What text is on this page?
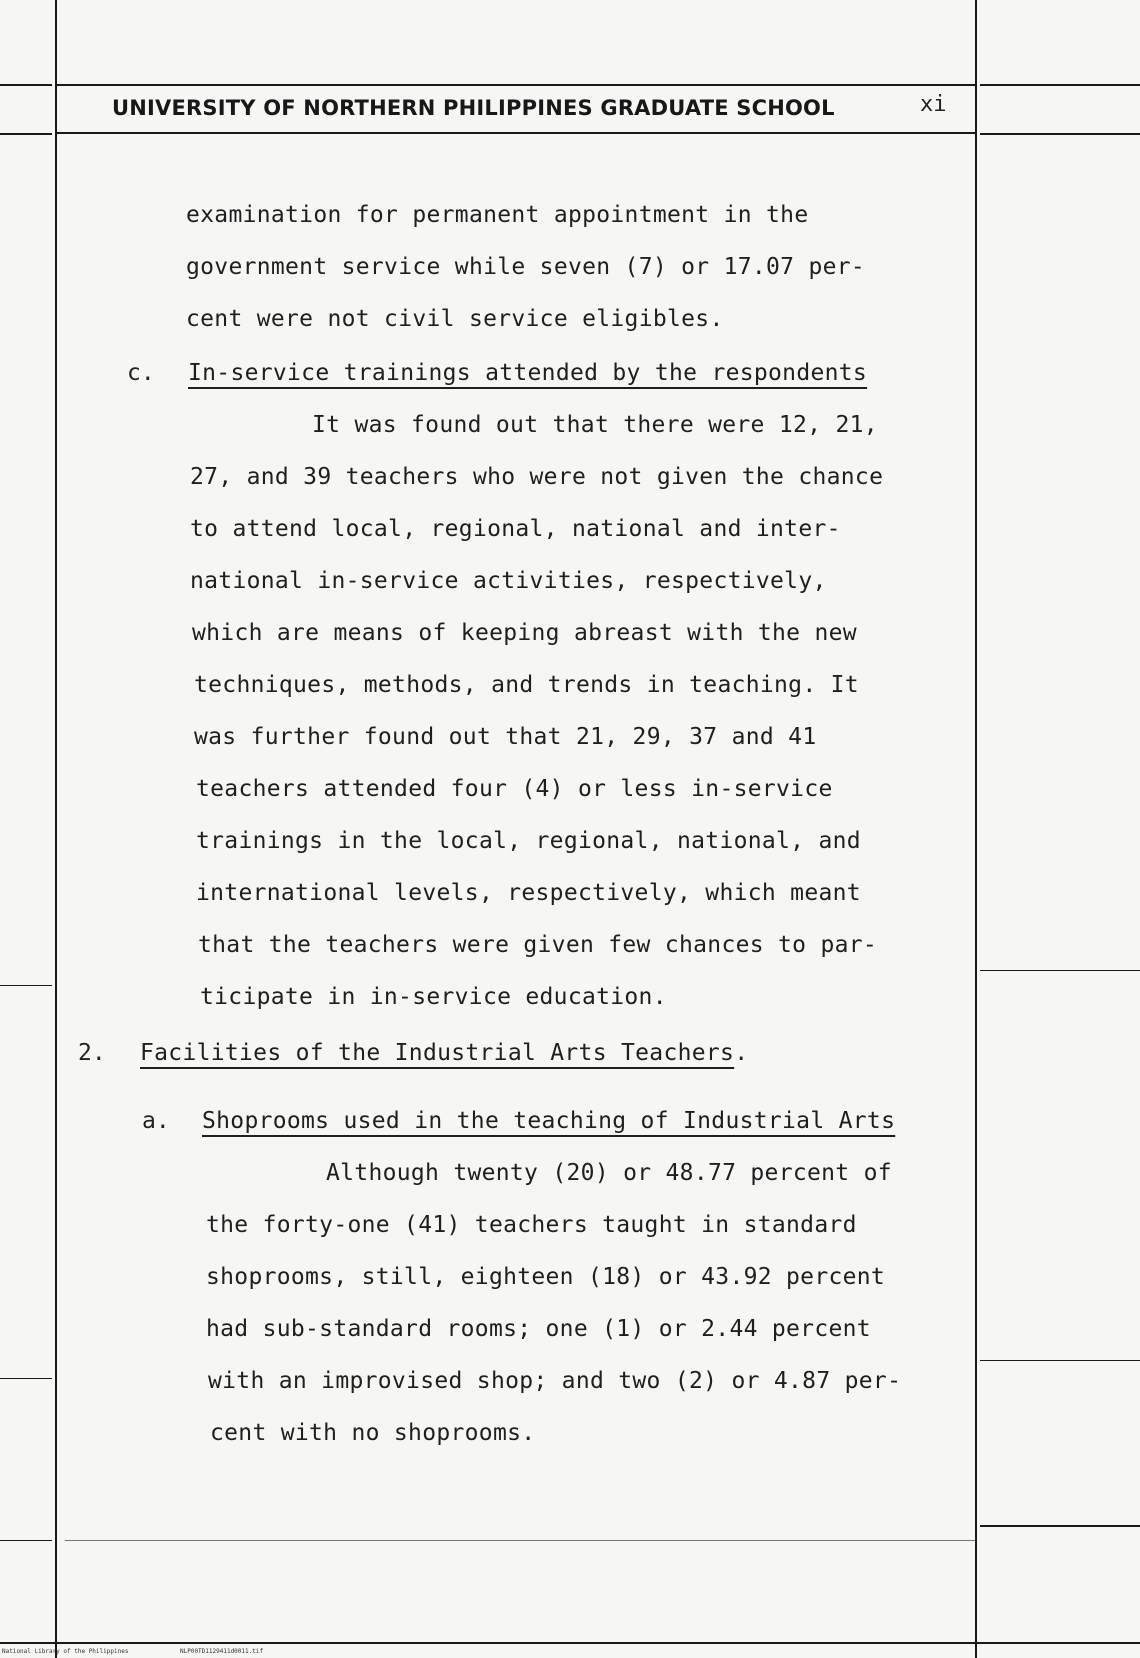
UNIVERSITY OF NORTHERN PHILIPPINES GRADUATE SCHOOL	xi
examination for permanent appointment in the
government service while seven (7) or 17.07 per-
cent were not civil service eligibles.
c. In-service trainings attended by the respondents
It was found out that there were 12, 21,
27, and 39 teachers who were not given the chance
to attend local, regional, national and inter-
national in-service activities, respectively,
which are means of keeping abreast with the new
techniques, methods, and trends in teaching. It
was further found out that 21, 29, 37 and 41
teachers attended four (4) or less in-service
trainings in the local, regional, national, and
international levels, respectively, which meant
that the teachers were given few chances to par-
ticipate in in-service education.
2. Facilities of the Industrial Arts Teachers.
a. Shoprooms used in the teaching of Industrial Arts
Although twenty (20) or 48.77 percent of
the forty-one (41) teachers taught in standard
shoprooms, still, eighteen (18) or 43.92 percent
had sub-standard rooms; one (1) or 2.44 percent
with an improvised shop; and two (2) or 4.87 per-
cent with no shoprooms.
National Library of the Philippines	NLP00TD1129411d0011.tif
